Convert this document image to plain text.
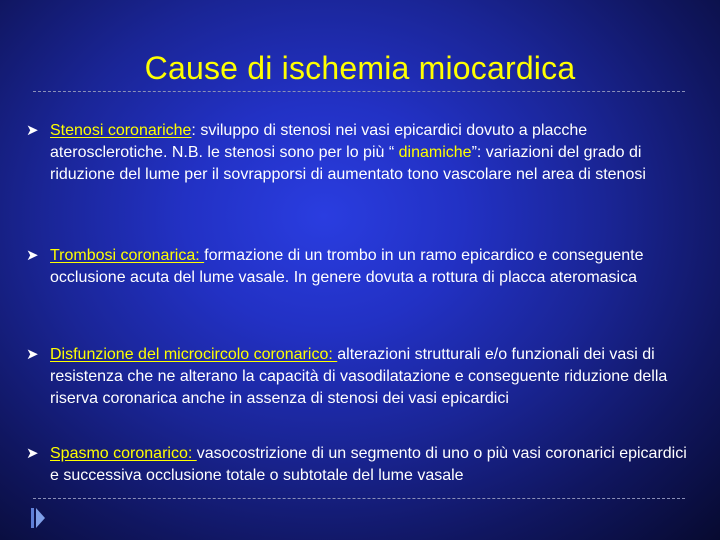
Cause di ischemia miocardica
➤ Stenosi coronariche: sviluppo di stenosi nei vasi epicardici dovuto a placche aterosclerotiche. N.B. le stenosi sono per lo più “ dinamiche”: variazioni del grado di riduzione del lume per il sovrapporsi di aumentato tono vascolare nel area di stenosi
➤ Trombosi coronarica: formazione di un trombo in un ramo epicardico e conseguente occlusione acuta del lume vasale. In genere dovuta a rottura di placca ateromasica
➤ Disfunzione del microcircolo coronarico: alterazioni strutturali e/o funzionali dei vasi di resistenza che ne alterano la capacità di vasodilatazione e conseguente riduzione della riserva coronarica anche in assenza di stenosi dei vasi epicardici
➤ Spasmo coronarico: vasocostrizione di un segmento di uno o più vasi coronarici epicardici e successiva occlusione totale o subtotale del lume vasale
